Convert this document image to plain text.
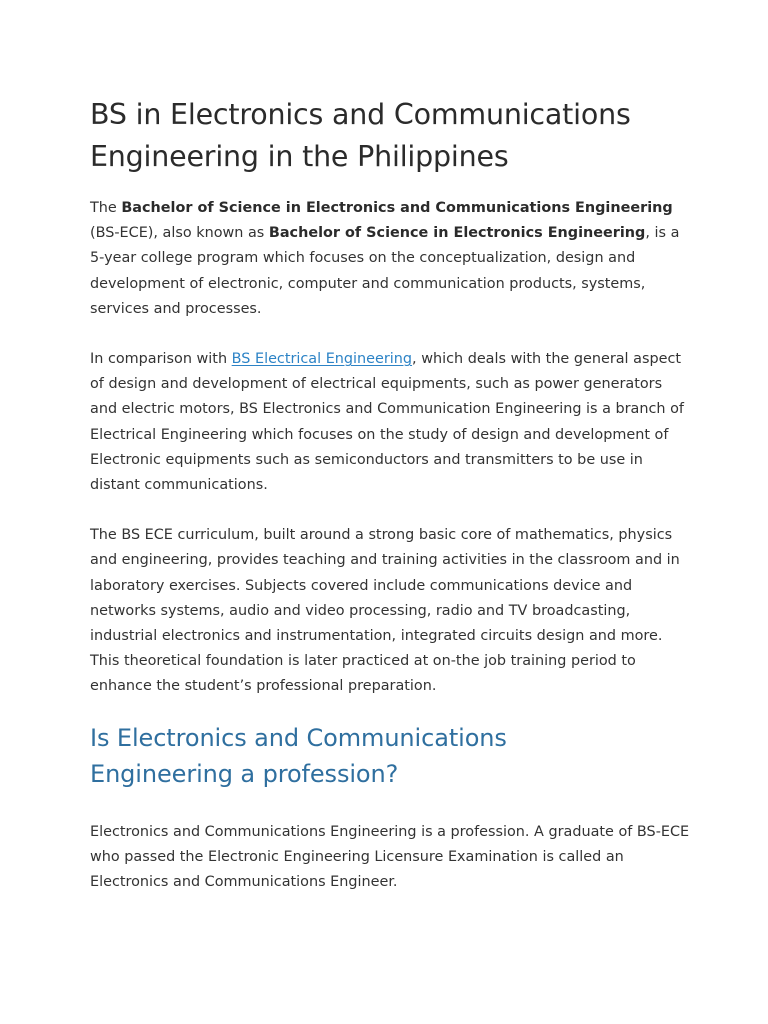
BS in Electronics and Communications
Engineering in the Philippines

The Bachelor of Science in Electronics and Communications Engineering (BS-ECE), also known as Bachelor of Science in Electronics Engineering, is a 5-year college program which focuses on the conceptualization, design and development of electronic, computer and communication products, systems, services and processes.

In comparison with BS Electrical Engineering, which deals with the general aspect of design and development of electrical equipments, such as power generators and electric motors, BS Electronics and Communication Engineering is a branch of Electrical Engineering which focuses on the study of design and development of Electronic equipments such as semiconductors and transmitters to be use in distant communications.

The BS ECE curriculum, built around a strong basic core of mathematics, physics and engineering, provides teaching and training activities in the classroom and in laboratory exercises. Subjects covered include communications device and networks systems, audio and video processing, radio and TV broadcasting, industrial electronics and instrumentation, integrated circuits design and more. This theoretical foundation is later practiced at on-the job training period to enhance the student’s professional preparation.

Is Electronics and Communications
Engineering a profession?

Electronics and Communications Engineering is a profession. A graduate of BS-ECE who passed the Electronic Engineering Licensure Examination is called an Electronics and Communications Engineer.
